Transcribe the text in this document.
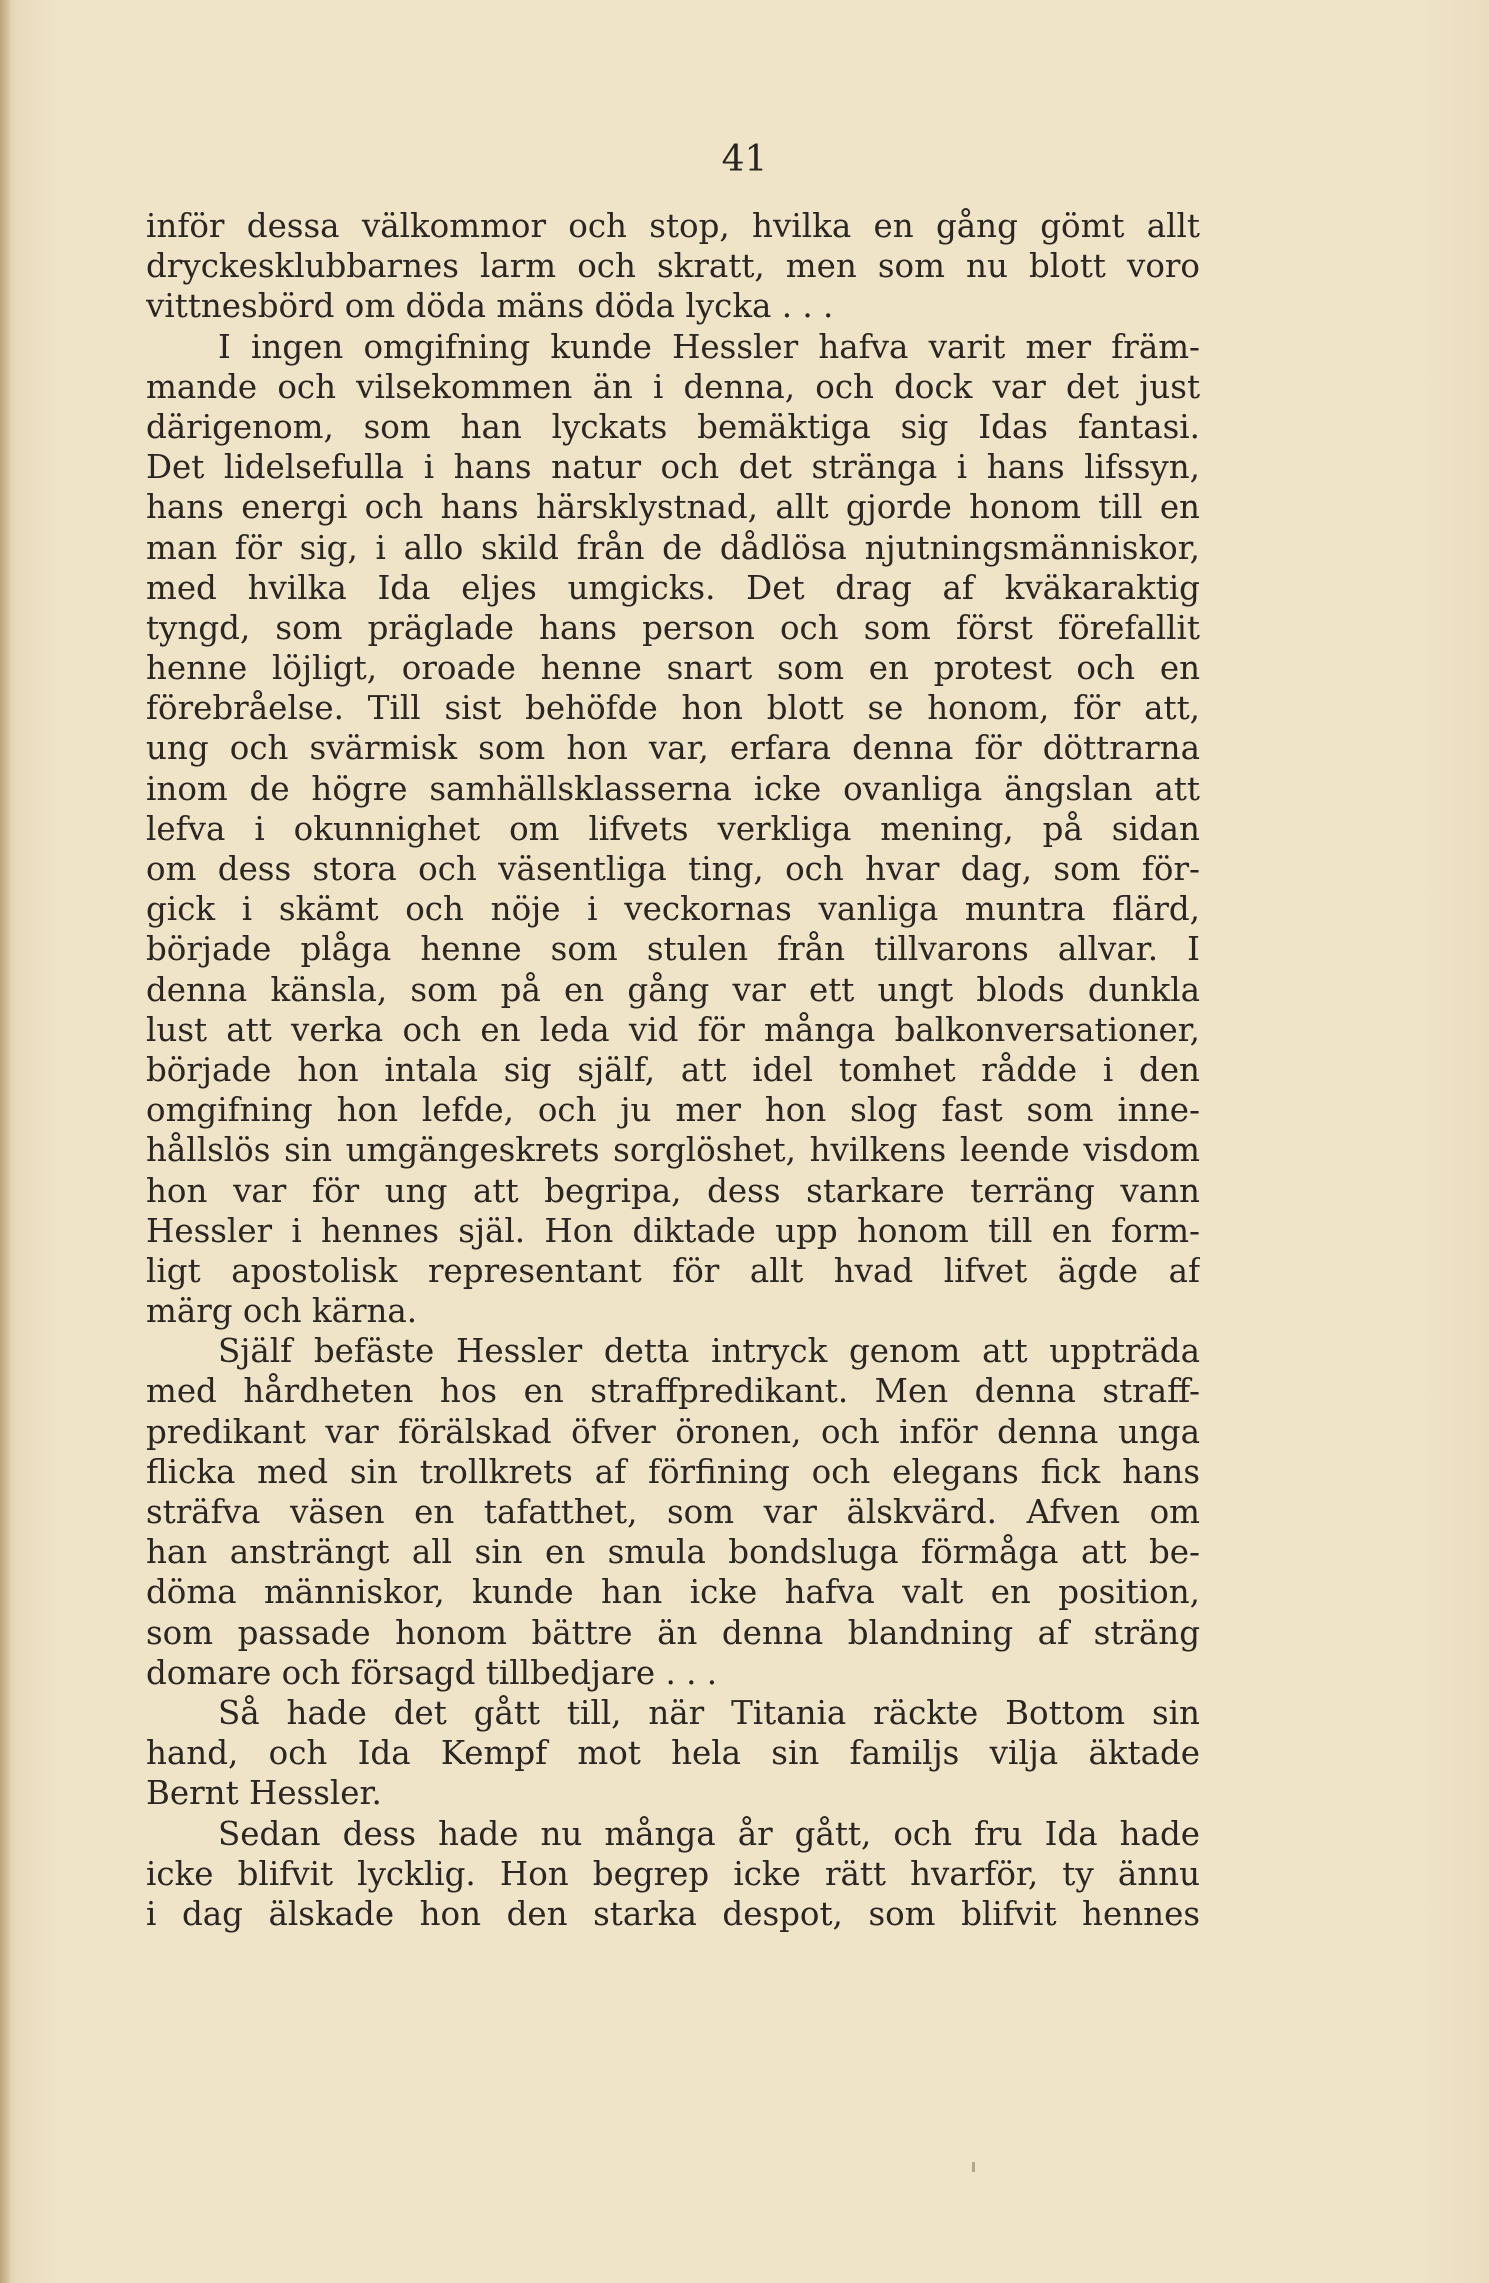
41
inför dessa välkommor och stop, hvilka en gång gömt allt
dryckesklubbarnes larm och skratt, men som nu blott voro
vittnesbörd om döda mäns döda lycka . . .
I ingen omgifning kunde Hessler hafva varit mer främ-
mande och vilsekommen än i denna, och dock var det just
därigenom, som han lyckats bemäktiga sig Idas fantasi.
Det lidelsefulla i hans natur och det stränga i hans lifssyn,
hans energi och hans härsklystnad, allt gjorde honom till en
man för sig, i allo skild från de dådlösa njutningsmänniskor,
med hvilka Ida eljes umgicks. Det drag af kväkaraktig
tyngd, som präglade hans person och som först förefallit
henne löjligt, oroade henne snart som en protest och en
förebråelse. Till sist behöfde hon blott se honom, för att,
ung och svärmisk som hon var, erfara denna för döttrarna
inom de högre samhällsklasserna icke ovanliga ängslan att
lefva i okunnighet om lifvets verkliga mening, på sidan
om dess stora och väsentliga ting, och hvar dag, som för-
gick i skämt och nöje i veckornas vanliga muntra flärd,
började plåga henne som stulen från tillvarons allvar. I
denna känsla, som på en gång var ett ungt blods dunkla
lust att verka och en leda vid för många balkonversationer,
började hon intala sig själf, att idel tomhet rådde i den
omgifning hon lefde, och ju mer hon slog fast som inne-
hållslös sin umgängeskrets sorglöshet, hvilkens leende visdom
hon var för ung att begripa, dess starkare terräng vann
Hessler i hennes själ. Hon diktade upp honom till en form-
ligt apostolisk representant för allt hvad lifvet ägde af
märg och kärna.
Själf befäste Hessler detta intryck genom att uppträda
med hårdheten hos en straffpredikant. Men denna straff-
predikant var förälskad öfver öronen, och inför denna unga
flicka med sin trollkrets af förfining och elegans fick hans
sträfva väsen en tafatthet, som var älskvärd. Afven om
han ansträngt all sin en smula bondsluga förmåga att be-
döma människor, kunde han icke hafva valt en position,
som passade honom bättre än denna blandning af sträng
domare och försagd tillbedjare . . .
Så hade det gått till, när Titania räckte Bottom sin
hand, och Ida Kempf mot hela sin familjs vilja äktade
Bernt Hessler.
Sedan dess hade nu många år gått, och fru Ida hade
icke blifvit lycklig. Hon begrep icke rätt hvarför, ty ännu
i dag älskade hon den starka despot, som blifvit hennes
